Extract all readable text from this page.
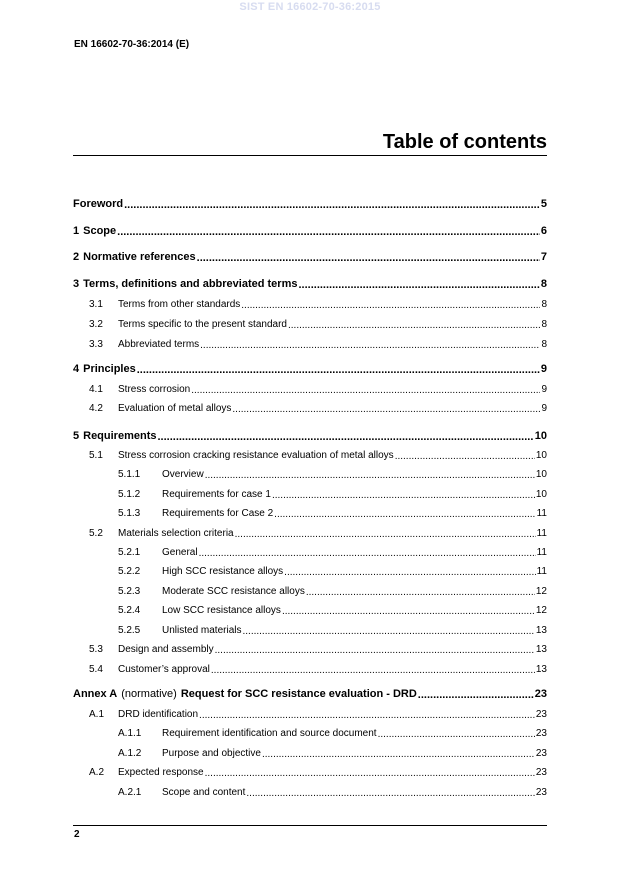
SIST EN 16602-70-36:2015
EN 16602-70-36:2014 (E)
Table of contents
Foreword .....	5
1 Scope .....	6
2 Normative references .....	7
3 Terms, definitions and abbreviated terms .....	8
3.1	Terms from other standards .....	8
3.2	Terms specific to the present standard .....	8
3.3	Abbreviated terms .....	8
4 Principles .....	9
4.1	Stress corrosion .....	9
4.2	Evaluation of metal alloys .....	9
5 Requirements .....	10
5.1	Stress corrosion cracking resistance evaluation of metal alloys .....	10
5.1.1	Overview .....	10
5.1.2	Requirements for case 1 .....	10
5.1.3	Requirements for Case 2 .....	11
5.2	Materials selection criteria .....	11
5.2.1	General .....	11
5.2.2	High SCC resistance alloys .....	11
5.2.3	Moderate SCC resistance alloys .....	12
5.2.4	Low SCC resistance alloys .....	12
5.2.5	Unlisted materials .....	13
5.3	Design and assembly .....	13
5.4	Customer’s approval .....	13
Annex A (normative) Request for SCC resistance evaluation - DRD .....	23
A.1	DRD identification .....	23
A.1.1	Requirement identification and source document .....	23
A.1.2	Purpose and objective .....	23
A.2	Expected response .....	23
A.2.1	Scope and content .....	23
2
